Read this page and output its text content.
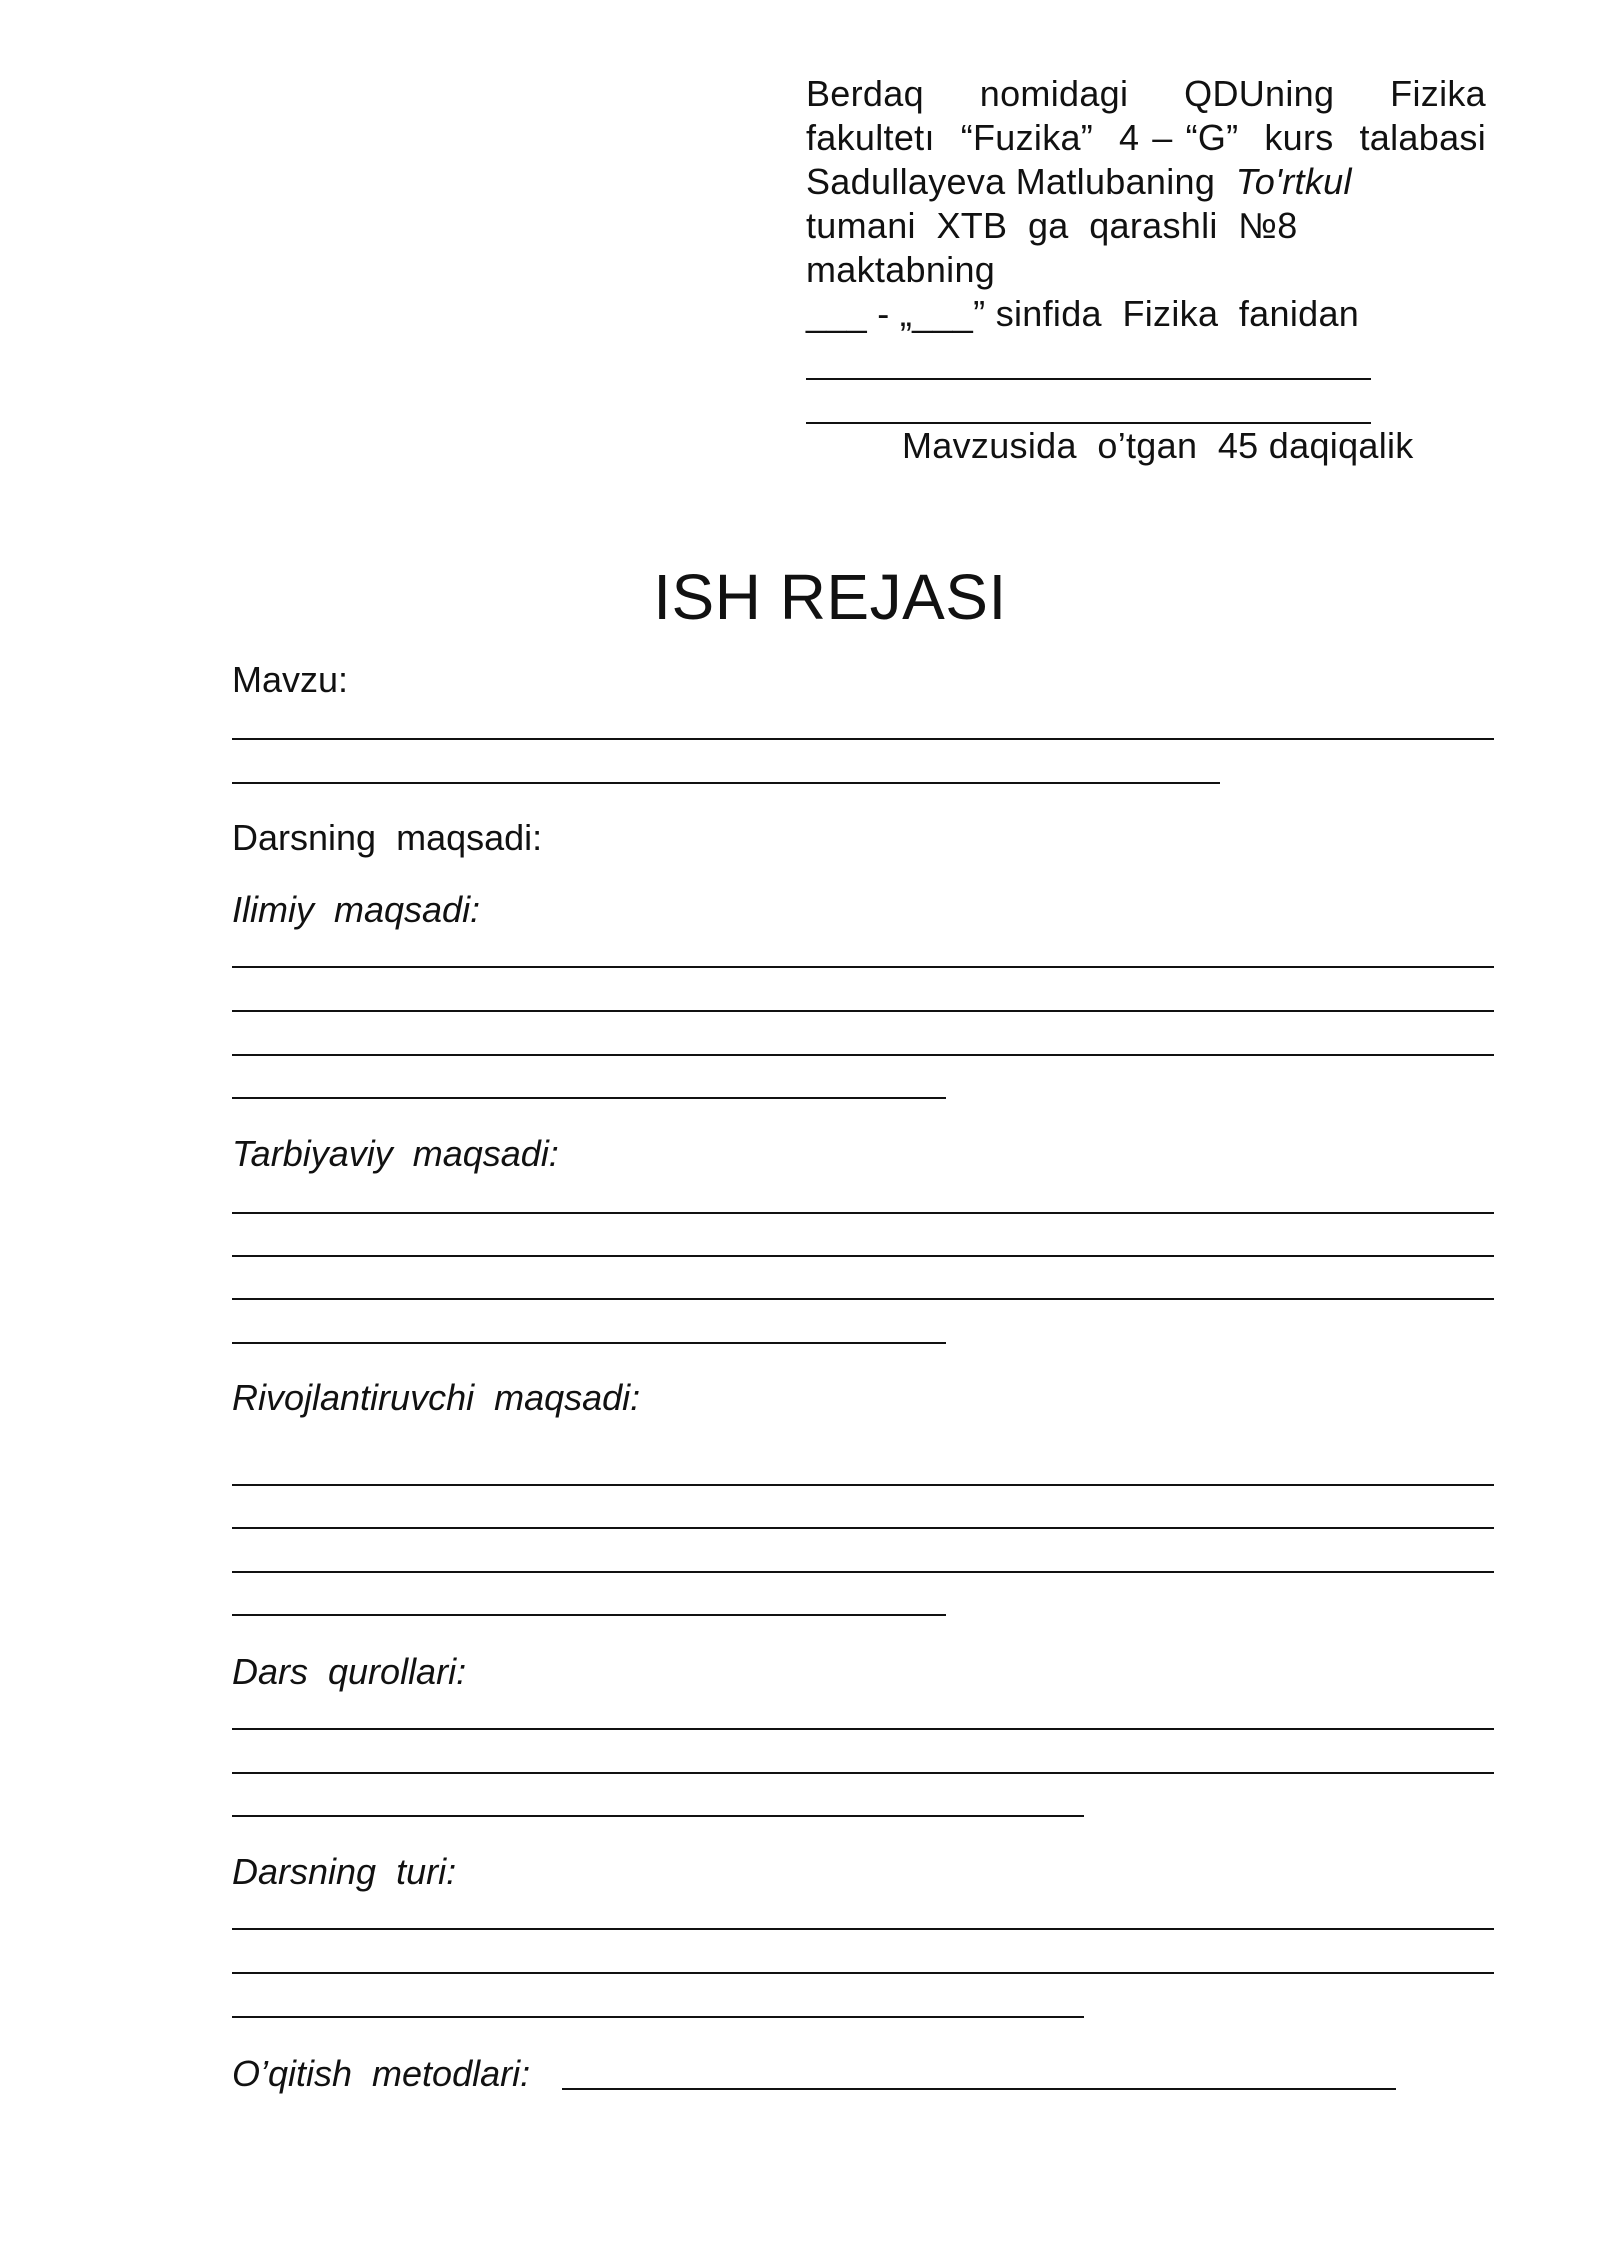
Berdaq  nomidagi  QDUning  Fizika
fakultetı  “Fuzika”  4 – “G”  kurs  talabasi
Sadullayeva Matlubaning  To'rtkul
tumani  XTB  ga  qarashli  №8
maktabning
___ - „___” sinfida  Fizika  fanidan
Mavzusida  o’tgan  45 daqiqalik
ISH REJASI
Mavzu:
Darsning  maqsadi:
Ilimiy  maqsadi:
Tarbiyaviy  maqsadi:
Rivojlantiruvchi  maqsadi:
Dars  qurollari:
Darsning  turi:
O’qitish  metodlari:
